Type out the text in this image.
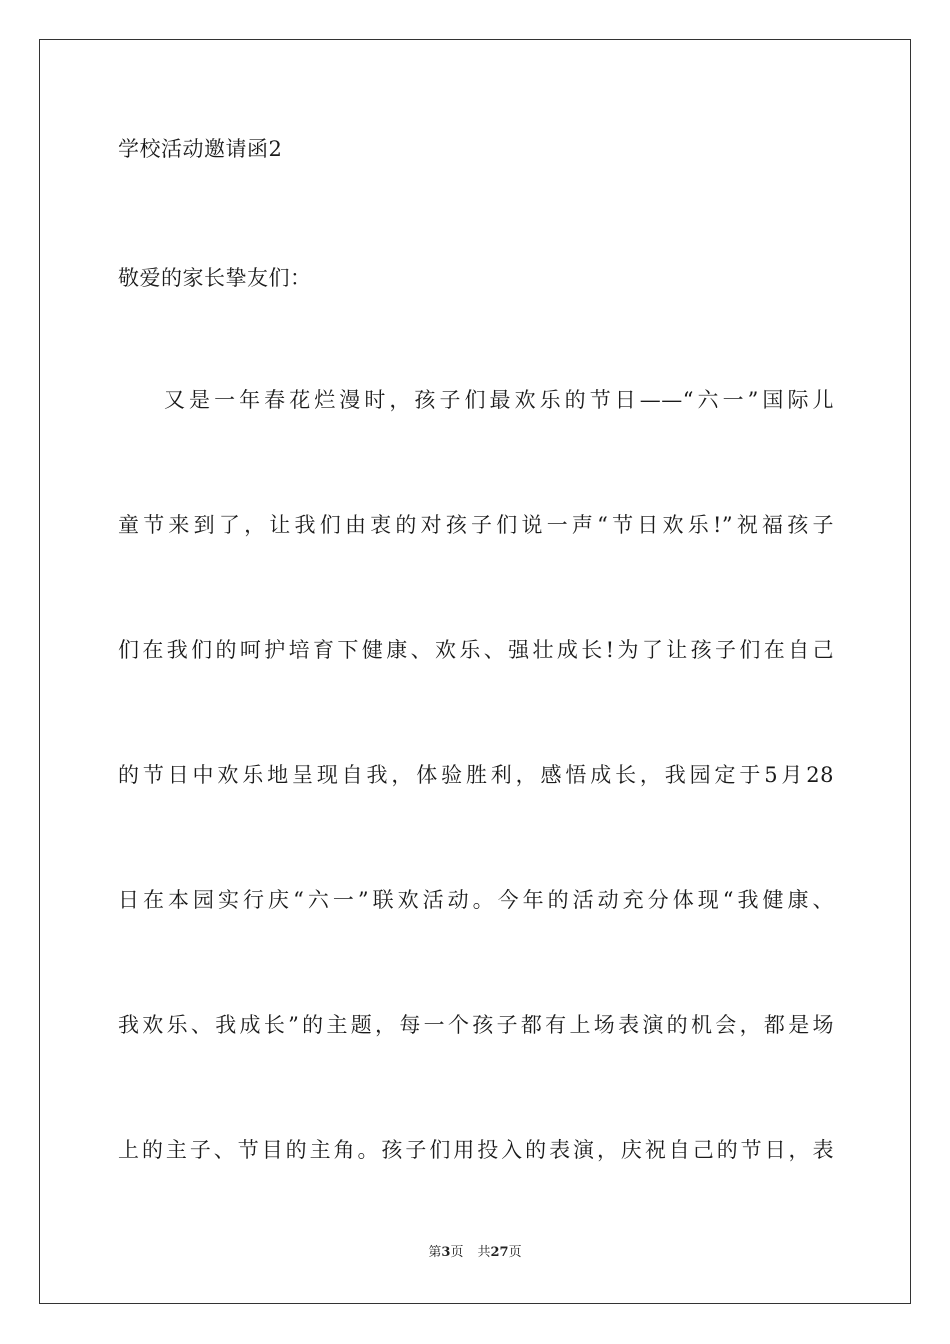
学校活动邀请函2
敬爱的家长挚友们：
又是一年春花烂漫时，孩子们最欢乐的节日——“六一”国际儿
童节来到了，让我们由衷的对孩子们说一声“节日欢乐!”祝福孩子
们在我们的呵护培育下健康、欢乐、强壮成长!为了让孩子们在自己
的节日中欢乐地呈现自我，体验胜利，感悟成长，我园定于5月28
日在本园实行庆“六一”联欢活动。今年的活动充分体现“我健康、
我欢乐、我成长”的主题，每一个孩子都有上场表演的机会，都是场
上的主子、节目的主角。孩子们用投入的表演，庆祝自己的节日，表
第3页 共27页
